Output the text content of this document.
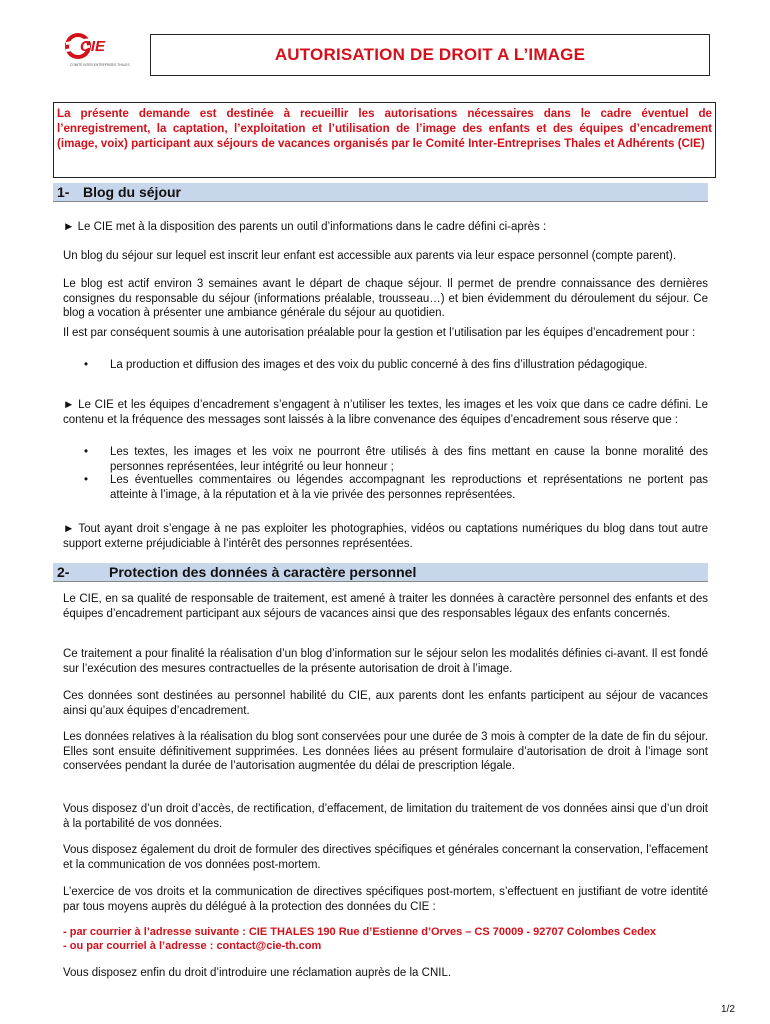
CIE
COMITÉ INTER-ENTREPRISES THALES
AUTORISATION DE DROIT A L’IMAGE
La présente demande est destinée à recueillir les autorisations nécessaires dans le cadre éventuel de l’enregistrement, la captation, l’exploitation et l’utilisation de l’image des enfants et des équipes d’encadrement (image, voix) participant aux séjours de vacances organisés par le Comité Inter-Entreprises Thales et Adhérents (CIE)
1- Blog du séjour
► Le CIE met à la disposition des parents un outil d’informations dans le cadre défini ci-après :
Un blog du séjour sur lequel est inscrit leur enfant est accessible aux parents via leur espace personnel (compte parent).
Le blog est actif environ 3 semaines avant le départ de chaque séjour. Il permet de prendre connaissance des dernières consignes du responsable du séjour (informations préalable, trousseau…) et bien évidemment du déroulement du séjour. Ce blog a vocation à présenter une ambiance générale du séjour au quotidien.
Il est par conséquent soumis à une autorisation préalable pour la gestion et l’utilisation par les équipes d’encadrement pour :
•	La production et diffusion des images et des voix du public concerné à des fins d’illustration pédagogique.
► Le CIE et les équipes d’encadrement s’engagent à n’utiliser les textes, les images et les voix que dans ce cadre défini. Le contenu et la fréquence des messages sont laissés à la libre convenance des équipes d’encadrement sous réserve que :
•	Les textes, les images et les voix ne pourront être utilisés à des fins mettant en cause la bonne moralité des personnes représentées, leur intégrité ou leur honneur ;
•	Les éventuelles commentaires ou légendes accompagnant les reproductions et représentations ne portent pas atteinte à l’image, à la réputation et à la vie privée des personnes représentées.
► Tout ayant droit s’engage à ne pas exploiter les photographies, vidéos ou captations numériques du blog dans tout autre support externe préjudiciable à l’intérêt des personnes représentées.
2-	Protection des données à caractère personnel
Le CIE, en sa qualité de responsable de traitement, est amené à traiter les données à caractère personnel des enfants et des équipes d’encadrement participant aux séjours de vacances ainsi que des responsables légaux des enfants concernés.
Ce traitement a pour finalité la réalisation d’un blog d’information sur le séjour selon les modalités définies ci-avant. Il est fondé sur l’exécution des mesures contractuelles de la présente autorisation de droit à l’image.
Ces données sont destinées au personnel habilité du CIE, aux parents dont les enfants participent au séjour de vacances ainsi qu’aux équipes d’encadrement.
Les données relatives à la réalisation du blog sont conservées pour une durée de 3 mois à compter de la date de fin du séjour. Elles sont ensuite définitivement supprimées. Les données liées au présent formulaire d’autorisation de droit à l’image sont conservées pendant la durée de l’autorisation augmentée du délai de prescription légale.
Vous disposez d’un droit d’accès, de rectification, d’effacement, de limitation du traitement de vos données ainsi que d’un droit à la portabilité de vos données.
Vous disposez également du droit de formuler des directives spécifiques et générales concernant la conservation, l’effacement et la communication de vos données post-mortem.
L’exercice de vos droits et la communication de directives spécifiques post-mortem, s’effectuent en justifiant de votre identité par tous moyens auprès du délégué à la protection des données du CIE :
- par courrier à l’adresse suivante : CIE THALES 190 Rue d’Estienne d’Orves – CS 70009 - 92707 Colombes Cedex
- ou par courriel à l’adresse : contact@cie-th.com
Vous disposez enfin du droit d’introduire une réclamation auprès de la CNIL.
1/2
